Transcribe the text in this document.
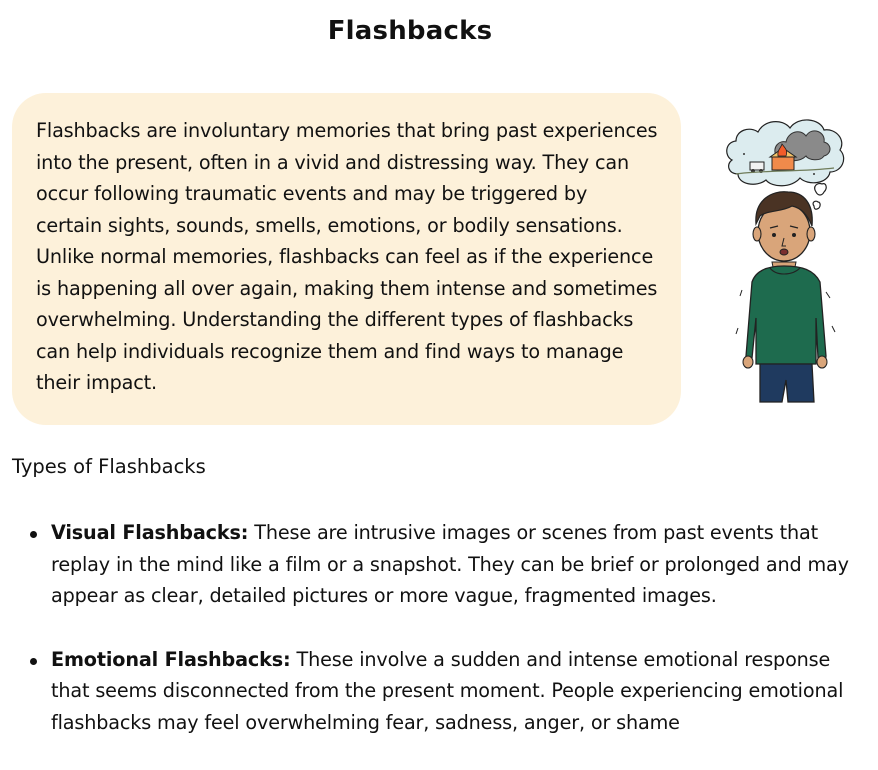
Flashbacks

Flashbacks are involuntary memories that bring past experiences into the present, often in a vivid and distressing way. They can occur following traumatic events and may be triggered by certain sights, sounds, smells, emotions, or bodily sensations. Unlike normal memories, flashbacks can feel as if the experience is happening all over again, making them intense and sometimes overwhelming. Understanding the different types of flashbacks can help individuals recognize them and find ways to manage their impact.

Types of Flashbacks
Visual Flashbacks: These are intrusive images or scenes from past events that replay in the mind like a film or a snapshot. They can be brief or prolonged and may appear as clear, detailed pictures or more vague, fragmented images.
Emotional Flashbacks: These involve a sudden and intense emotional response that seems disconnected from the present moment. People experiencing emotional flashbacks may feel overwhelming fear, sadness, anger, or shame
